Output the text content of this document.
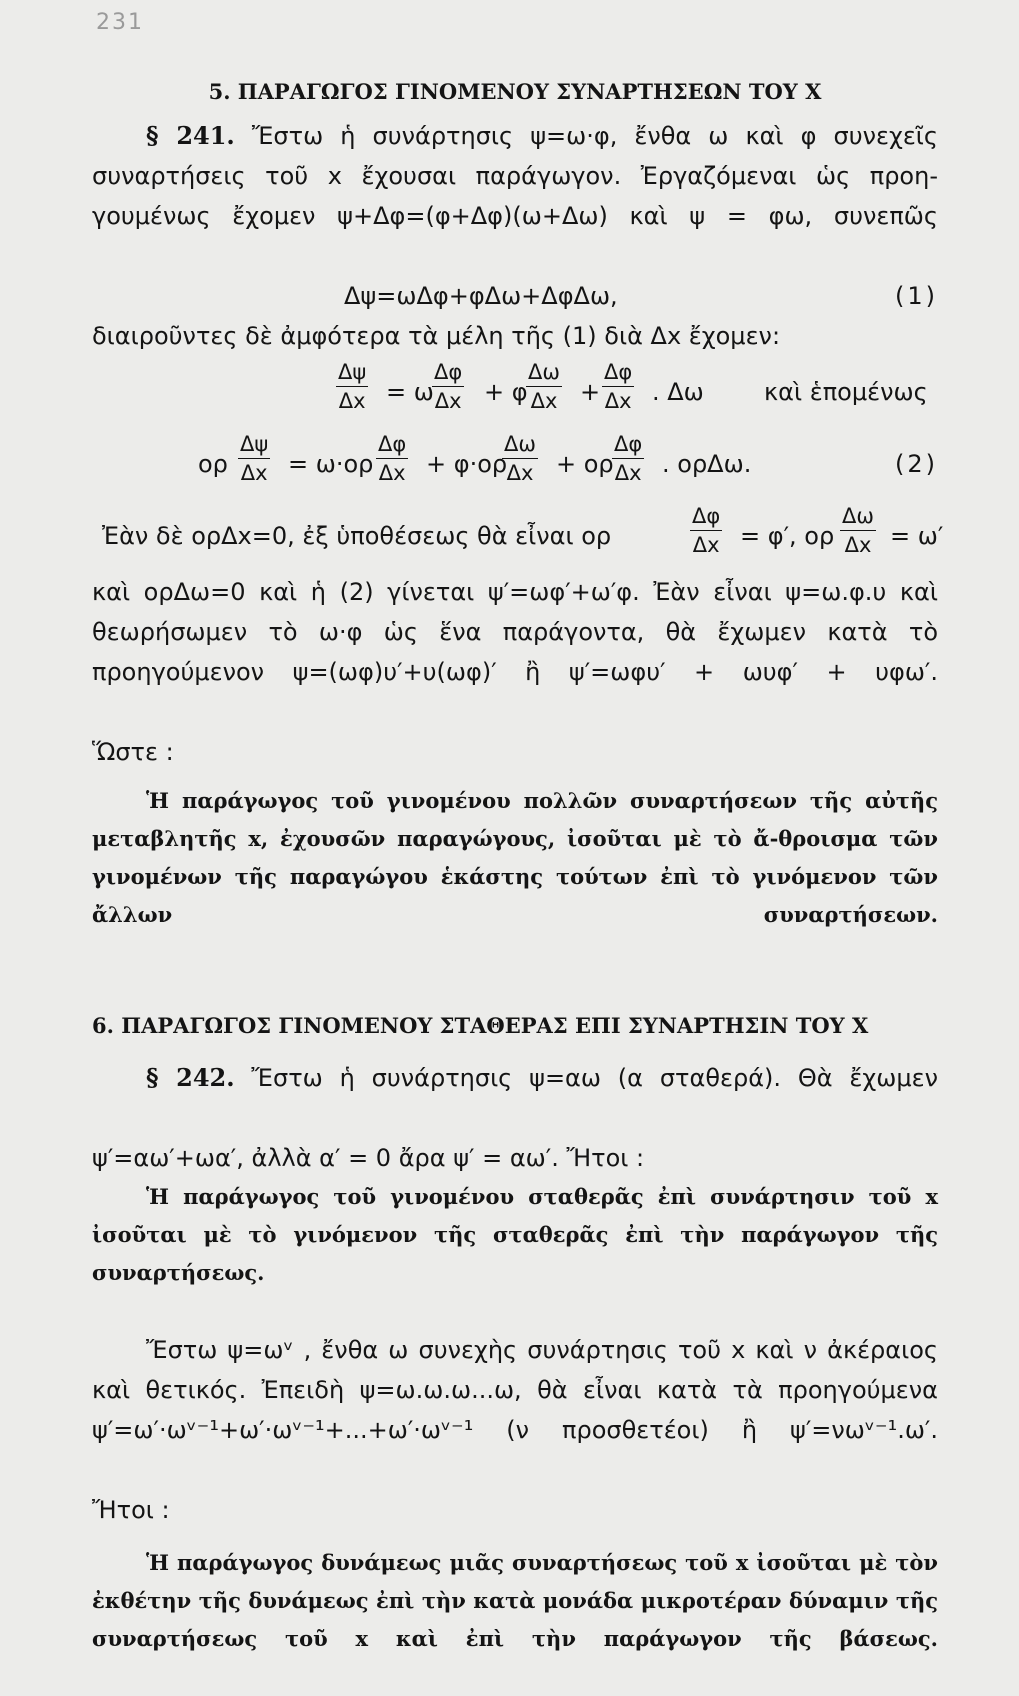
231
5. ΠΑΡΑΓΩΓΟΣ ΓΙΝΟΜΕΝΟΥ ΣΥΝΑΡΤΗΣΕΩΝ ΤΟΥ Χ

§ 241. Ἔστω ἡ συνάρτησις ψ=ω·φ, ἔνθα ω καὶ φ συνεχεῖς συναρτήσεις τοῦ x ἔχουσαι παράγωγον. Ἐργαζόμεναι ὡς προη- γουμένως ἔχομεν ψ+Δφ=(φ+Δφ)(ω+Δω) καὶ ψ = φω, συνεπῶς

Δψ=ωΔφ+φΔω+ΔφΔω,	(1)
διαιροῦντες δὲ ἀμφότερα τὰ μέλη τῆς (1) διὰ Δx ἔχομεν:
$\frac{\Delta\psi}{\Delta x} = \omega$
$\frac{\Delta\varphi}{\Delta x} + \varphi$
$\frac{\Delta\omega}{\Delta x} + \frac{\Delta\varphi}{\Delta x}$ . Δω	καὶ ἑπομένως
ορ $\frac{\Delta\psi}{\Delta x} = \omega\cdot o\rho \frac{\Delta\varphi}{\Delta x} + \varphi\cdot o\rho$
$\frac{\Delta\omega}{\Delta x} + o\rho$
$\frac{\Delta\varphi}{\Delta x}$ . ορΔω.	(2)
Ἐὰν δὲ ορΔx=0, ἐξ ὑποθέσεως θὰ εἶναι ορ	$\frac{\Delta\varphi}{\Delta x} = \varphi'$, ορ $\frac{\Delta\omega}{\Delta x} = \omega'$

καὶ ορΔω=0 καὶ ἡ (2) γίνεται ψ′=ωφ′+ω′φ. Ἐὰν εἶναι ψ=ω.φ.υ καὶ θεωρήσωμεν τὸ ω·φ ὡς ἕνα παράγοντα, θὰ ἔχωμεν κατὰ τὸ προηγούμενον ψ=(ωφ)υ′+υ(ωφ)′ ἢ ψ′=ωφυ′ + ωυφ′ + υφω′.

Ὥστε :

Ἡ παράγωγος τοῦ γινομένου πολλῶν συναρτήσεων τῆς αὐτῆς μεταβλητῆς x, ἐχουσῶν παραγώγους, ἰσοῦται μὲ τὸ ἄ-θροισμα τῶν γινομένων τῆς παραγώγου ἑκάστης τούτων ἐπὶ τὸ γινόμενον τῶν ἄλλων συναρτήσεων.

6. ΠΑΡΑΓΩΓΟΣ ΓΙΝΟΜΕΝΟΥ ΣΤΑΘΕΡΑΣ ΕΠΙ ΣΥΝΑΡΤΗΣΙΝ ΤΟΥ Χ

§ 242. Ἔστω ἡ συνάρτησις ψ=αω (α σταθερά). Θὰ ἔχωμεν

ψ′=αω′+ωα′, ἀλλὰ α′ = 0 ἄρα ψ′ = αω′. Ἤτοι :

Ἡ παράγωγος τοῦ γινομένου σταθερᾶς ἐπὶ συνάρτησιν τοῦ x ἰσοῦται μὲ τὸ γινόμενον τῆς σταθερᾶς ἐπὶ τὴν παράγωγον τῆς συναρτήσεως.

Ἔστω ψ=ωᵛ , ἔνθα ω συνεχὴς συνάρτησις τοῦ x καὶ ν ἀκέραιος καὶ θετικός. Ἐπειδὴ ψ=ω.ω.ω...ω, θὰ εἶναι κατὰ τὰ προηγούμενα ψ′=ω′·ωᵛ⁻¹+ω′·ωᵛ⁻¹+...+ω′·ωᵛ⁻¹ (ν προσθετέοι) ἢ ψ′=νωᵛ⁻¹.ω′.

Ἤτοι :

Ἡ παράγωγος δυνάμεως μιᾶς συναρτήσεως τοῦ x ἰσοῦται μὲ τὸν ἐκθέτην τῆς δυνάμεως ἐπὶ τὴν κατὰ μονάδα μικροτέραν δύναμιν τῆς συναρτήσεως τοῦ x καὶ ἐπὶ τὴν παράγωγον τῆς βάσεως.
